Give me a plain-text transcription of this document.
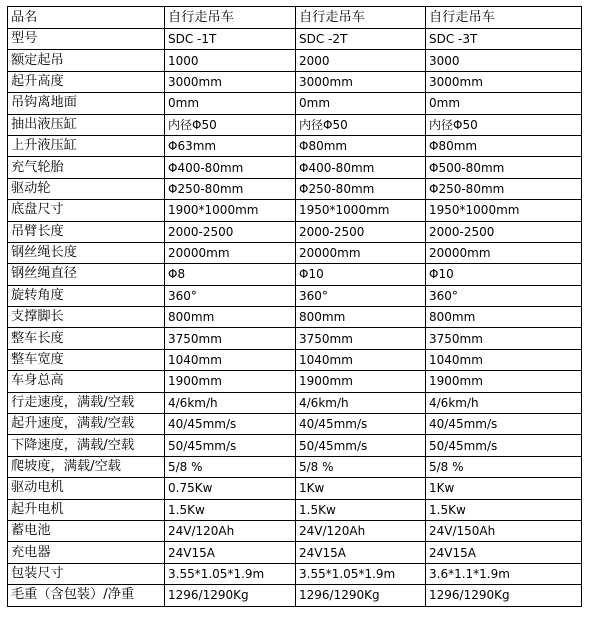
品名	自行走吊车	自行走吊车	自行走吊车
型号	SDC -1T	SDC -2T	SDC -3T
额定起吊	1000	2000	3000
起升高度	3000mm	3000mm	3000mm
吊钩离地面	0mm	0mm	0mm
抽出液压缸	内径Φ50	内径Φ50	内径Φ50
上升液压缸	Φ63mm	Φ80mm	Φ80mm
充气轮胎	Φ400-80mm	Φ400-80mm	Φ500-80mm
驱动轮	Φ250-80mm	Φ250-80mm	Φ250-80mm
底盘尺寸	1900*1000mm	1950*1000mm	1950*1000mm
吊臂长度	2000-2500	2000-2500	2000-2500
钢丝绳长度	20000mm	20000mm	20000mm
钢丝绳直径	Φ8	Φ10	Φ10
旋转角度	360°	360°	360°
支撑脚长	800mm	800mm	800mm
整车长度	3750mm	3750mm	3750mm
整车宽度	1040mm	1040mm	1040mm
车身总高	1900mm	1900mm	1900mm
行走速度，满载/空载	4/6km/h	4/6km/h	4/6km/h
起升速度，满载/空载	40/45mm/s	40/45mm/s	40/45mm/s
下降速度，满载/空载	50/45mm/s	50/45mm/s	50/45mm/s
爬坡度，满载/空载	5/8 %	5/8 %	5/8 %
驱动电机	0.75Kw	1Kw	1Kw
起升电机	1.5Kw	1.5Kw	1.5Kw
蓄电池	24V/120Ah	24V/120Ah	24V/150Ah
充电器	24V15A	24V15A	24V15A
包装尺寸	3.55*1.05*1.9m	3.55*1.05*1.9m	3.6*1.1*1.9m
毛重（含包装）/净重	1296/1290Kg	1296/1290Kg	1296/1290Kg
